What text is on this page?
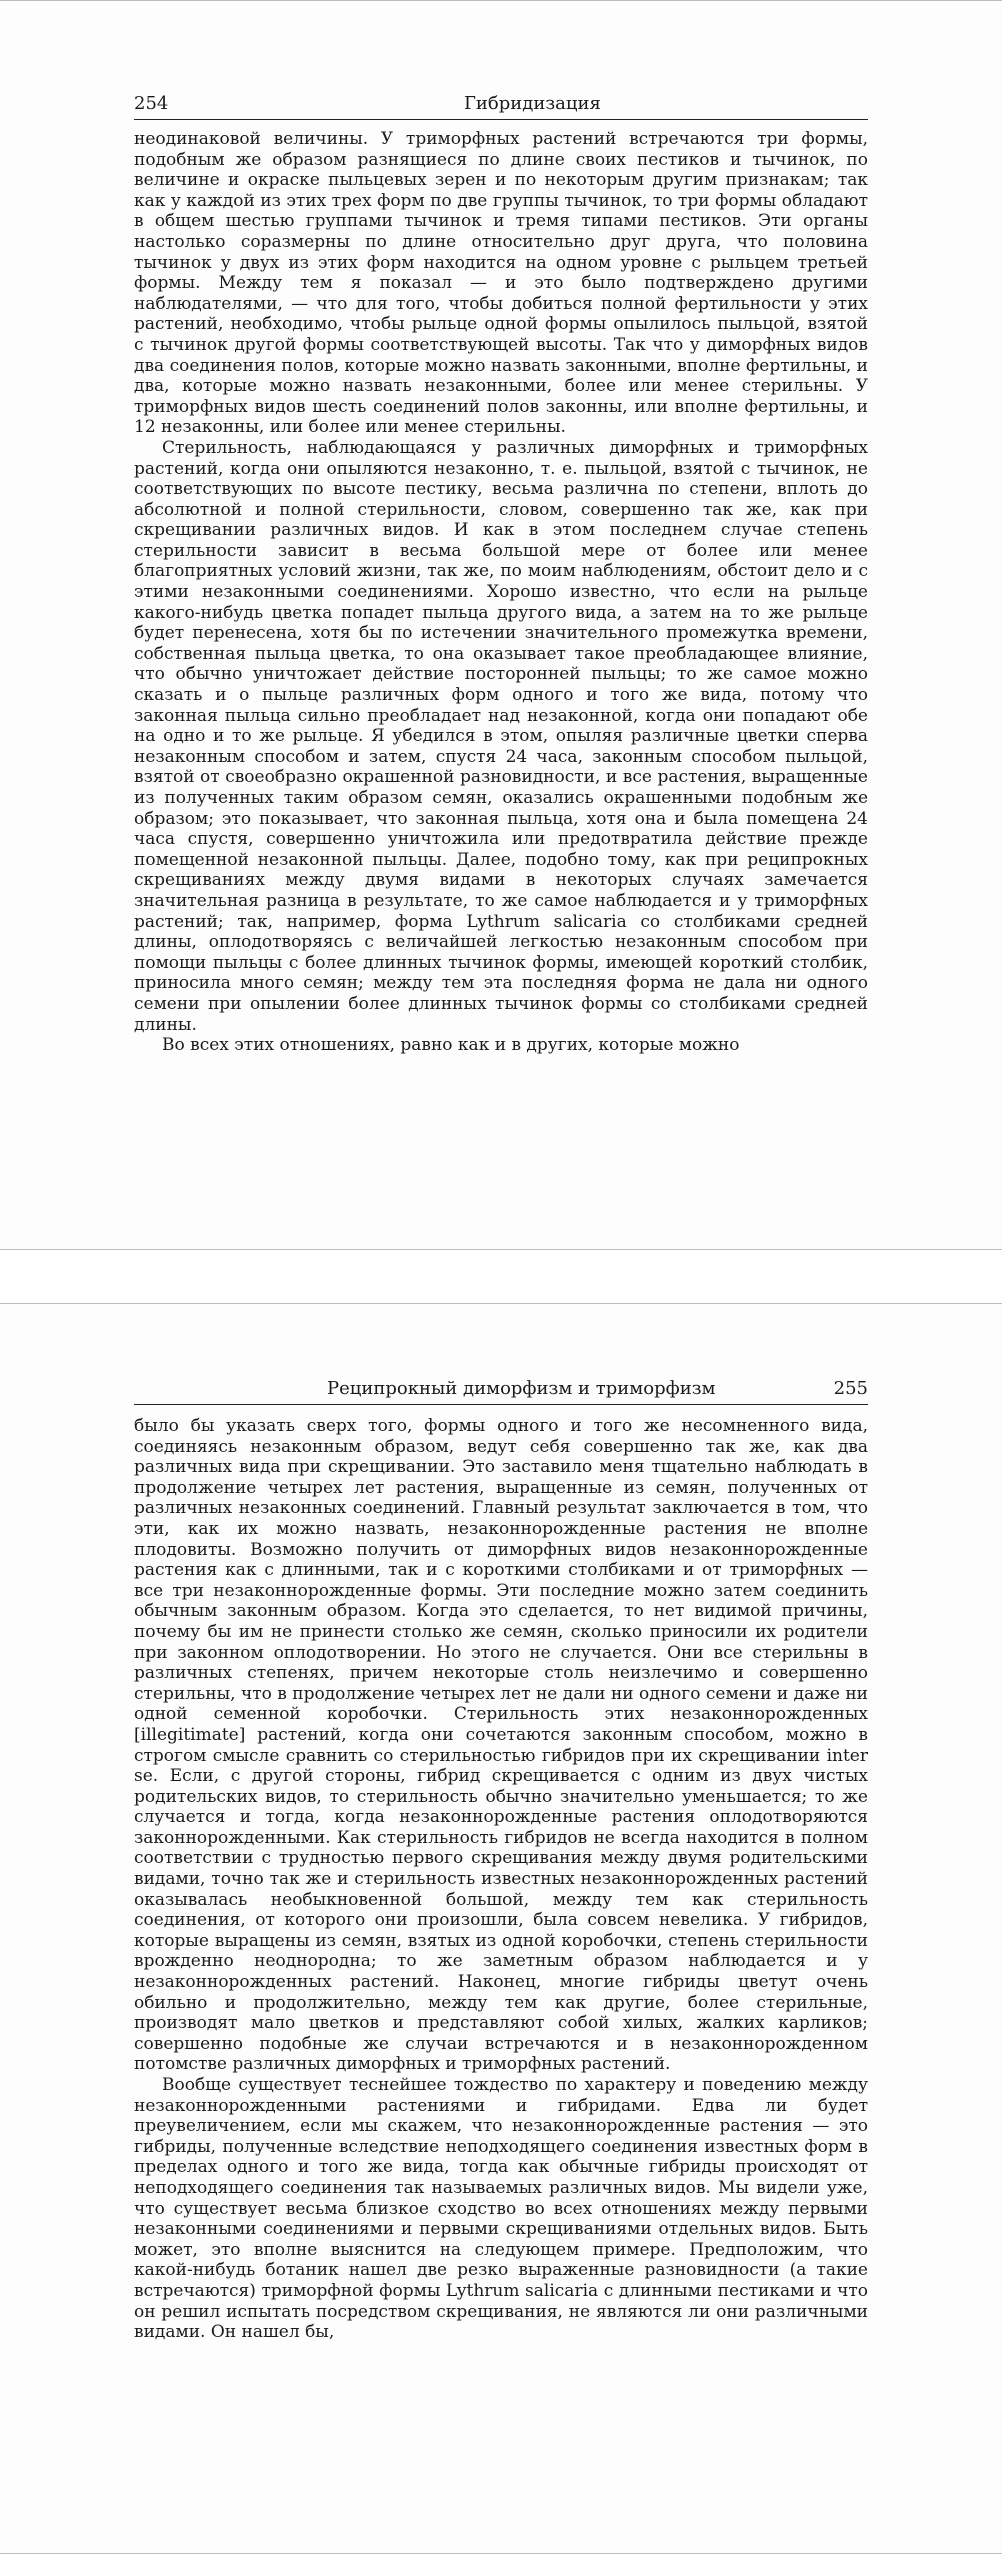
254	Гибридизация

неодинаковой величины. У триморфных растений встречаются три формы, подобным же образом разнящиеся по длине своих пестиков и тычинок, по величине и окраске пыльцевых зерен и по некоторым другим признакам; так как у каждой из этих трех форм по две группы тычинок, то три формы обладают в общем шестью группами тычинок и тремя типами пестиков. Эти органы настолько соразмерны по длине относительно друг друга, что половина тычинок у двух из этих форм находится на одном уровне с рыльцем третьей формы. Между тем я показал — и это было подтверждено другими наблюдателями, — что для того, чтобы добиться полной фертильности у этих растений, необходимо, чтобы рыльце одной формы опылилось пыльцой, взятой с тычинок другой формы соответствующей высоты. Так что у диморфных видов два соединения полов, которые можно назвать законными, вполне фертильны, и два, которые можно назвать незаконными, более или менее стерильны. У триморфных видов шесть соединений полов законны, или вполне фертильны, и 12 незаконны, или более или менее стерильны.

Стерильность, наблюдающаяся у различных диморфных и триморфных растений, когда они опыляются незаконно, т. е. пыльцой, взятой с тычинок, не соответствующих по высоте пестику, весьма различна по степени, вплоть до абсолютной и полной стерильности, словом, совершенно так же, как при скрещивании различных видов. И как в этом последнем случае степень стерильности зависит в весьма большой мере от более или менее благоприятных условий жизни, так же, по моим наблюдениям, обстоит дело и с этими незаконными соединениями. Хорошо известно, что если на рыльце какого-нибудь цветка попадет пыльца другого вида, а затем на то же рыльце будет перенесена, хотя бы по истечении значительного промежутка времени, собственная пыльца цветка, то она оказывает такое преобладающее влияние, что обычно уничтожает действие посторонней пыльцы; то же самое можно сказать и о пыльце различных форм одного и того же вида, потому что законная пыльца сильно преобладает над незаконной, когда они попадают обе на одно и то же рыльце. Я убедился в этом, опыляя различные цветки сперва незаконным способом и затем, спустя 24 часа, законным способом пыльцой, взятой от своеобразно окрашенной разновидности, и все растения, выращенные из полученных таким образом семян, оказались окрашенными подобным же образом; это показывает, что законная пыльца, хотя она и была помещена 24 часа спустя, совершенно уничтожила или предотвратила действие прежде помещенной незаконной пыльцы. Далее, подобно тому, как при реципрокных скрещиваниях между двумя видами в некоторых случаях замечается значительная разница в результате, то же самое наблюдается и у триморфных растений; так, например, форма Lythrum salicaria со столбиками средней длины, оплодотворяясь с величайшей легкостью незаконным способом при помощи пыльцы с более длинных тычинок формы, имеющей короткий столбик, приносила много семян; между тем эта последняя форма не дала ни одного семени при опылении более длинных тычинок формы со столбиками средней длины.

Во всех этих отношениях, равно как и в других, которые можно

Реципрокный диморфизм и триморфизм	255

было бы указать сверх того, формы одного и того же несомненного вида, соединяясь незаконным образом, ведут себя совершенно так же, как два различных вида при скрещивании. Это заставило меня тщательно наблюдать в продолжение четырех лет растения, выращенные из семян, полученных от различных незаконных соединений. Главный результат заключается в том, что эти, как их можно назвать, незаконнорожденные растения не вполне плодовиты. Возможно получить от диморфных видов незаконнорожденные растения как с длинными, так и с короткими столбиками и от триморфных — все три незаконнорожденные формы. Эти последние можно затем соединить обычным законным образом. Когда это сделается, то нет видимой причины, почему бы им не принести столько же семян, сколько приносили их родители при законном оплодотворении. Но этого не случается. Они все стерильны в различных степенях, причем некоторые столь неизлечимо и совершенно стерильны, что в продолжение четырех лет не дали ни одного семени и даже ни одной семенной коробочки. Стерильность этих незаконнорожденных [illegitimate] растений, когда они сочетаются законным способом, можно в строгом смысле сравнить со стерильностью гибридов при их скрещивании inter se. Если, с другой стороны, гибрид скрещивается с одним из двух чистых родительских видов, то стерильность обычно значительно уменьшается; то же случается и тогда, когда незаконнорожденные растения оплодотворяются законнорожденными. Как стерильность гибридов не всегда находится в полном соответствии с трудностью первого скрещивания между двумя родительскими видами, точно так же и стерильность известных незаконнорожденных растений оказывалась необыкновенной большой, между тем как стерильность соединения, от которого они произошли, была совсем невелика. У гибридов, которые выращены из семян, взятых из одной коробочки, степень стерильности врожденно неоднородна; то же заметным образом наблюдается и у незаконнорожденных растений. Наконец, многие гибриды цветут очень обильно и продолжительно, между тем как другие, более стерильные, производят мало цветков и представляют собой хилых, жалких карликов; совершенно подобные же случаи встречаются и в незаконнорожденном потомстве различных диморфных и триморфных растений.

Вообще существует теснейшее тождество по характеру и поведению между незаконнорожденными растениями и гибридами. Едва ли будет преувеличением, если мы скажем, что незаконнорожденные растения — это гибриды, полученные вследствие неподходящего соединения известных форм в пределах одного и того же вида, тогда как обычные гибриды происходят от неподходящего соединения так называемых различных видов. Мы видели уже, что существует весьма близкое сходство во всех отношениях между первыми незаконными соединениями и первыми скрещиваниями отдельных видов. Быть может, это вполне выяснится на следующем примере. Предположим, что какой-нибудь ботаник нашел две резко выраженные разновидности (а такие встречаются) триморфной формы Lythrum salicaria с длинными пестиками и что он решил испытать посредством скрещивания, не являются ли они различными видами. Он нашел бы,
